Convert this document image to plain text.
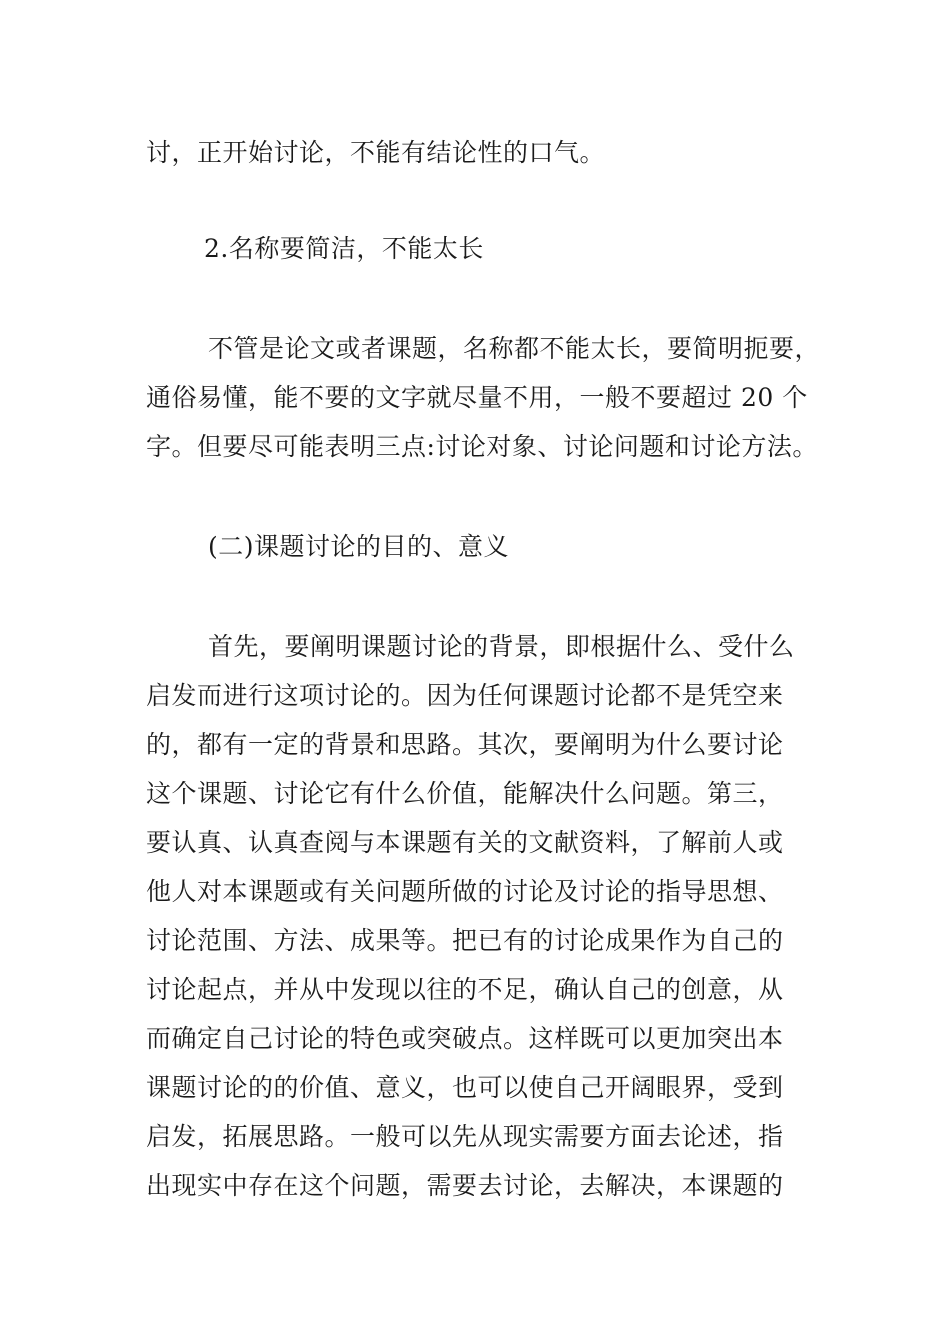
讨，正开始讨论，不能有结论性的口气。
2.名称要简洁，不能太长
不管是论文或者课题，名称都不能太长，要简明扼要，
通俗易懂，能不要的文字就尽量不用，一般不要超过 20 个
字。但要尽可能表明三点:讨论对象、讨论问题和讨论方法。
(二)课题讨论的目的、意义
首先，要阐明课题讨论的背景，即根据什么、受什么
启发而进行这项讨论的。因为任何课题讨论都不是凭空来
的，都有一定的背景和思路。其次，要阐明为什么要讨论
这个课题、讨论它有什么价值，能解决什么问题。第三，
要认真、认真查阅与本课题有关的文献资料，了解前人或
他人对本课题或有关问题所做的讨论及讨论的指导思想、
讨论范围、方法、成果等。把已有的讨论成果作为自己的
讨论起点，并从中发现以往的不足，确认自己的创意，从
而确定自己讨论的特色或突破点。这样既可以更加突出本
课题讨论的的价值、意义，也可以使自己开阔眼界，受到
启发，拓展思路。一般可以先从现实需要方面去论述，指
出现实中存在这个问题，需要去讨论，去解决，本课题的
